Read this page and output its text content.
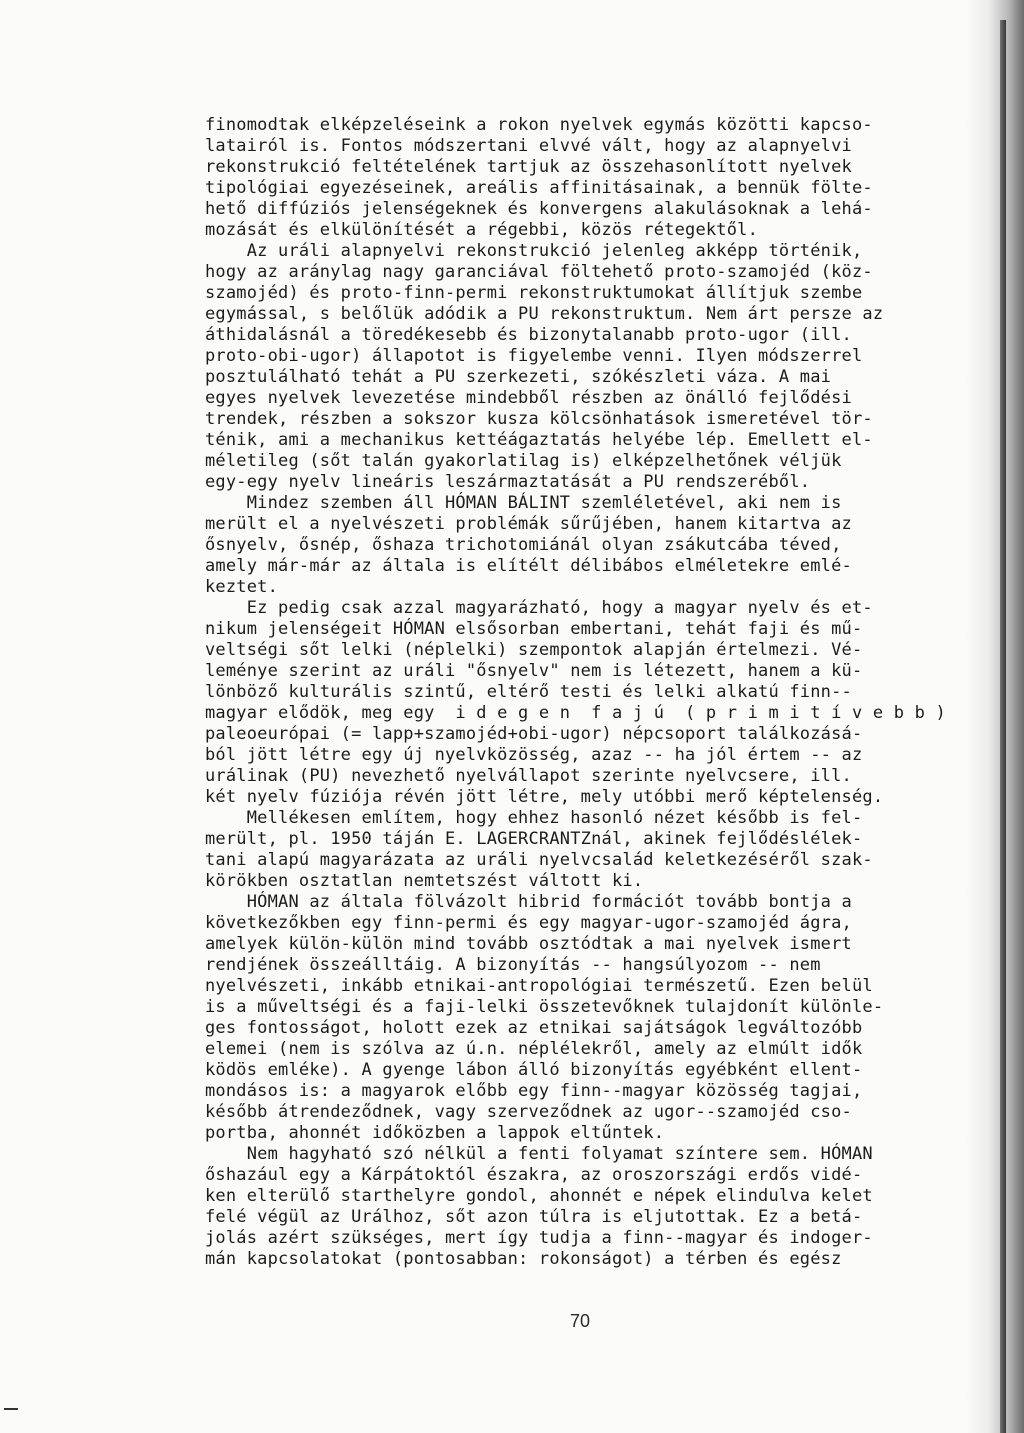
finomodtak elképzeléseink a rokon nyelvek egymás közötti kapcso-
latairól is. Fontos módszertani elvvé vált, hogy az alapnyelvi
rekonstrukció feltételének tartjuk az összehasonlított nyelvek
tipológiai egyezéseinek, areális affinitásainak, a bennük fölte-
hető diffúziós jelenségeknek és konvergens alakulásoknak a lehá-
mozását és elkülönítését a régebbi, közös rétegektől.
Az uráli alapnyelvi rekonstrukció jelenleg akképp történik,
hogy az aránylag nagy garanciával föltehető proto-szamojéd (köz-
szamojéd) és proto-finn-permi rekonstruktumokat állítjuk szembe
egymással, s belőlük adódik a PU rekonstruktum. Nem árt persze az
áthidalásnál a töredékesebb és bizonytalanabb proto-ugor (ill.
proto-obi-ugor) állapotot is figyelembe venni. Ilyen módszerrel
posztulálható tehát a PU szerkezeti, szókészleti váza. A mai
egyes nyelvek levezetése mindebből részben az önálló fejlődési
trendek, részben a sokszor kusza kölcsönhatások ismeretével tör-
ténik, ami a mechanikus kettéágaztatás helyébe lép. Emellett el-
méletileg (sőt talán gyakorlatilag is) elképzelhetőnek véljük
egy-egy nyelv lineáris leszármaztatását a PU rendszeréből.
Mindez szemben áll HÓMAN BÁLINT szemléletével, aki nem is
merült el a nyelvészeti problémák sűrűjében, hanem kitartva az
ősnyelv, ősnép, őshaza trichotomiánál olyan zsákutcába téved,
amely már-már az általa is elítélt délibábos elméletekre emlé-
keztet.
Ez pedig csak azzal magyarázható, hogy a magyar nyelv és et-
nikum jelenségeit HÓMAN elsősorban embertani, tehát faji és mű-
veltségi sőt lelki (néplelki) szempontok alapján értelmezi. Vé-
leménye szerint az uráli "ősnyelv" nem is létezett, hanem a kü-
lönböző kulturális szintű, eltérő testi és lelki alkatú finn--
magyar elődök, meg egy  i d e g e n  f a j ú  ( p r i m i t í v e b b )
paleoeurópai (= lapp+szamojéd+obi-ugor) népcsoport találkozásá-
ból jött létre egy új nyelvközösség, azaz -- ha jól értem -- az
urálinak (PU) nevezhető nyelvállapot szerinte nyelvcsere, ill.
két nyelv fúziója révén jött létre, mely utóbbi merő képtelenség.
Mellékesen említem, hogy ehhez hasonló nézet később is fel-
merült, pl. 1950 táján E. LAGERCRANTZnál, akinek fejlődéslélek-
tani alapú magyarázata az uráli nyelvcsalád keletkezéséről szak-
körökben osztatlan nemtetszést váltott ki.
HÓMAN az általa fölvázolt hibrid formációt tovább bontja a
következőkben egy finn-permi és egy magyar-ugor-szamojéd ágra,
amelyek külön-külön mind tovább osztódtak a mai nyelvek ismert
rendjének összeálltáig. A bizonyítás -- hangsúlyozom -- nem
nyelvészeti, inkább etnikai-antropológiai természetű. Ezen belül
is a műveltségi és a faji-lelki összetevőknek tulajdonít különle-
ges fontosságot, holott ezek az etnikai sajátságok legváltozóbb
elemei (nem is szólva az ú.n. néplélekről, amely az elmúlt idők
ködös emléke). A gyenge lábon álló bizonyítás egyébként ellent-
mondásos is: a magyarok előbb egy finn--magyar közösség tagjai,
később átrendeződnek, vagy szerveződnek az ugor--szamojéd cso-
portba, ahonnét időközben a lappok eltűntek.
Nem hagyható szó nélkül a fenti folyamat színtere sem. HÓMAN
őshazául egy a Kárpátoktól északra, az oroszországi erdős vidé-
ken elterülő starthelyre gondol, ahonnét e népek elindulva kelet
felé végül az Urálhoz, sőt azon túlra is eljutottak. Ez a betá-
jolás azért szükséges, mert így tudja a finn--magyar és indoger-
mán kapcsolatokat (pontosabban: rokonságot) a térben és egész
70
